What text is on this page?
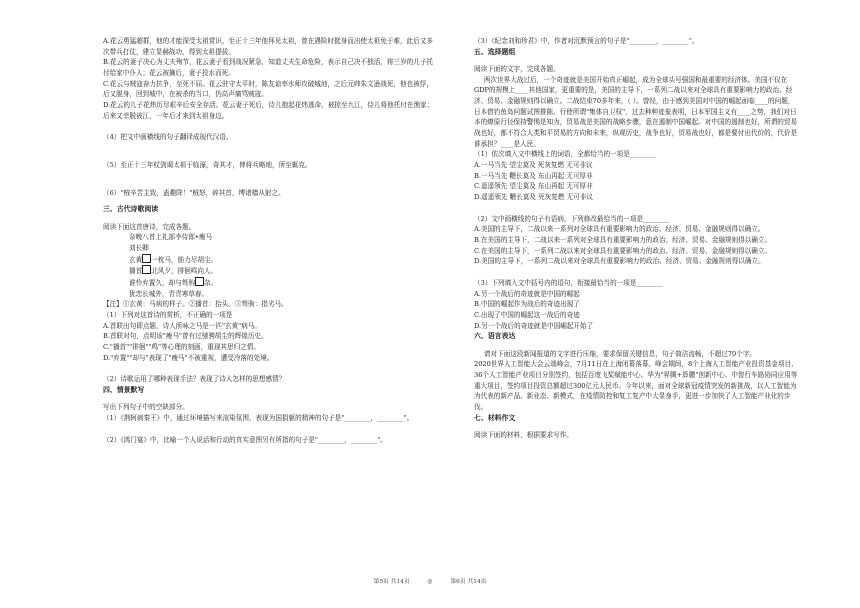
A.花云勇猛超群，他的才能深受太祖赏识，至正十三年他拜见太祖，曾在遇险时挺身而出使太祖免于难，此后又多次带兵打仗，建立显赫战功，得到太祖提拔。

B.花云的妻子决心为丈夫殉节，花云妻子看到战况紧急，知道丈夫生命危险，表示自己决不独活，将三岁的儿子托付给家中仆人；花云被擒后，妻子投水而死。

C.花云与贼寇奋力抗争，至死不屈。花云驻守太平时，陈友谅率水师攻破城池，之后元帅朱文逊战死，他也被俘，后又脱身，回到城中，在被杀的当口，仍高声痛骂贼寇。

D.花云的儿子花炜历尽艰辛后安全存活。花云妻子死后，侍儿抱起花炜逃命，被掠至九江，侍儿将他托付在渔家；后来又幸脱被江，一年后才来到太祖身边。

（4）把文中画横线的句子翻译成现代汉语。

（5）至正十三年杖剑谒太祖于临濠，奇其才，俾将兵略地，所至辄克。

（6）"贼辛苦主致，盍趣降！"贼怒，碎其首，缚诸樯从射之。

三、古代诗歌阅读

阅读下面这首唐诗，完成各题。

奈晚八首上礼部李侍郎•瘦马

刘长卿

玄黄 一枕马，筋力尽胡尘。

播首 北风夕，排徊鸣向人。

谁怜弃置久，却与驽驹 杂。

犹恋长城外，青青寒草春。

【注】①玄黄：马病的样子。②播首：抬头。③驽驹：指劣马。

（1）下列对这首诗的赏析，不正确的一项是

A.首联出句即点题，诗人所咏之马是一匹"玄黄"病马。

B.首联对句，点明该"瘦马"曾有过驰骋胡尘的辉煌历史。

C."播首""徘徊""鸣"等心理的刻画，重现其思归之情。

D."弃置""却与"表现了"瘦马"不被重视，遭受冷落的处境。

（2）诗歌运用了哪种表现手法？表现了诗人怎样的思想感情？

四、情景默写

写出下列句子中的空缺部分。

（1）《荆轲刺秦王》中，通过环境描写来渲染氛围，表现为国捐躯的精神的句子是"________，________"。

（2）《鸿门宴》中，比喻一个人说话和行动的真实意图另有所指的句子是"________，________"。

（3）《纪念刘和珍君》中，作者对沉默预言的句子是"________，________"。

五、选择题组

阅读下面的文字，完成各题。

两次世界大战过后，一个奇迹就是美国开始真正崛起，成为全球头号强国和最重要的经济体。美国不仅在GDP的规模上____其他国家，更重要的是，美国的主导下，一系列二战以来对全球具有重要影响力的政治、经济、贸易、金融规则得以确立。二战结束70多年来，（ ）。曾经，由于感到美国对中国的崛起面临____的问题，日本借钓鱼岛问题试图推陈，行使所谓"集体自卫权"，过去种种迹象表明，日本军国主义有____之势，我们对日本的燎原行径保持警惕是知为，贸易战是美国的战略步骤，意在遏制中国崛起。对中国的遏制也好，所谓的贸易战也好，都不符合人类和平贸易的方向和未来，纵观历史，战争也好，贸易战也好，都是要付出代价的，代价是谁承担？____是人民。

（1）依次填入文中横线上的词语，全都恰当的一项是________

A.一马当先 望尘莫及 死灰复燃 无可非议

B.一马当先 鞭长莫及 东山再起 无可厚非

C.遥遥领先 望尘莫及 东山再起 无可厚非

D.遥遥领先 鞭长莫及 死灰复燃 无可非议

（2）文中画横线的句子有语病，下列修改最恰当的一项是________

A.美国的主导下，二战以来一系列对全球具有重要影响力的政治、经济、贸易、金融规则得以确立。

B.在美国的主导下，二战以来一系列对全球具有重要影响力的政治、经济、贸易、金融规则得以确立。

C.在美国的主导下，一系列二战以来对全球具有重要影响力的政治、经济、贸易、金融规则得以确立。

D.美国的主导下，一系列二战以来对全球具有重要影响力的政治、经济、贸易、金融规则得以确立。

（3）下列填入文中括号内的语句，衔接最恰当的一项是________

A.另一个战后的奇迹就是中国的崛起

B.中国的崛起作为战后的奇迹出现了

C.出现了中国的崛起这一战后的奇迹

D.另一个战后的奇迹就是中国崛起开始了

六、语言表达

请对下面这段新闻报道的文字进行压缩，要求保留关键信息，句子简洁流畅，不超过70个字。

2020世界人工智能大会云端峰会，7月11日在上海闭幕落幕。峰会期间，8个上海人工智能产业投资基金项目、36个人工智能产业项目分别签约，包括百度飞桨赋能中心、华为"昇腾+算鹏"创新中心、中智行车路协同应用等重大项目，签约项目投资总额超过300亿元人民币。今年以来，面对全球新冠疫情突发的新挑战，以人工智能为为代表的新产品、新业态、新模式，在疫情防控和复工复产中大显身手，更进一步加快了人工智能产业化的步伐。

七、材料作文

阅读下面的材料，根据要求写作。

第5页 共14页	◎	第6页 共14页
